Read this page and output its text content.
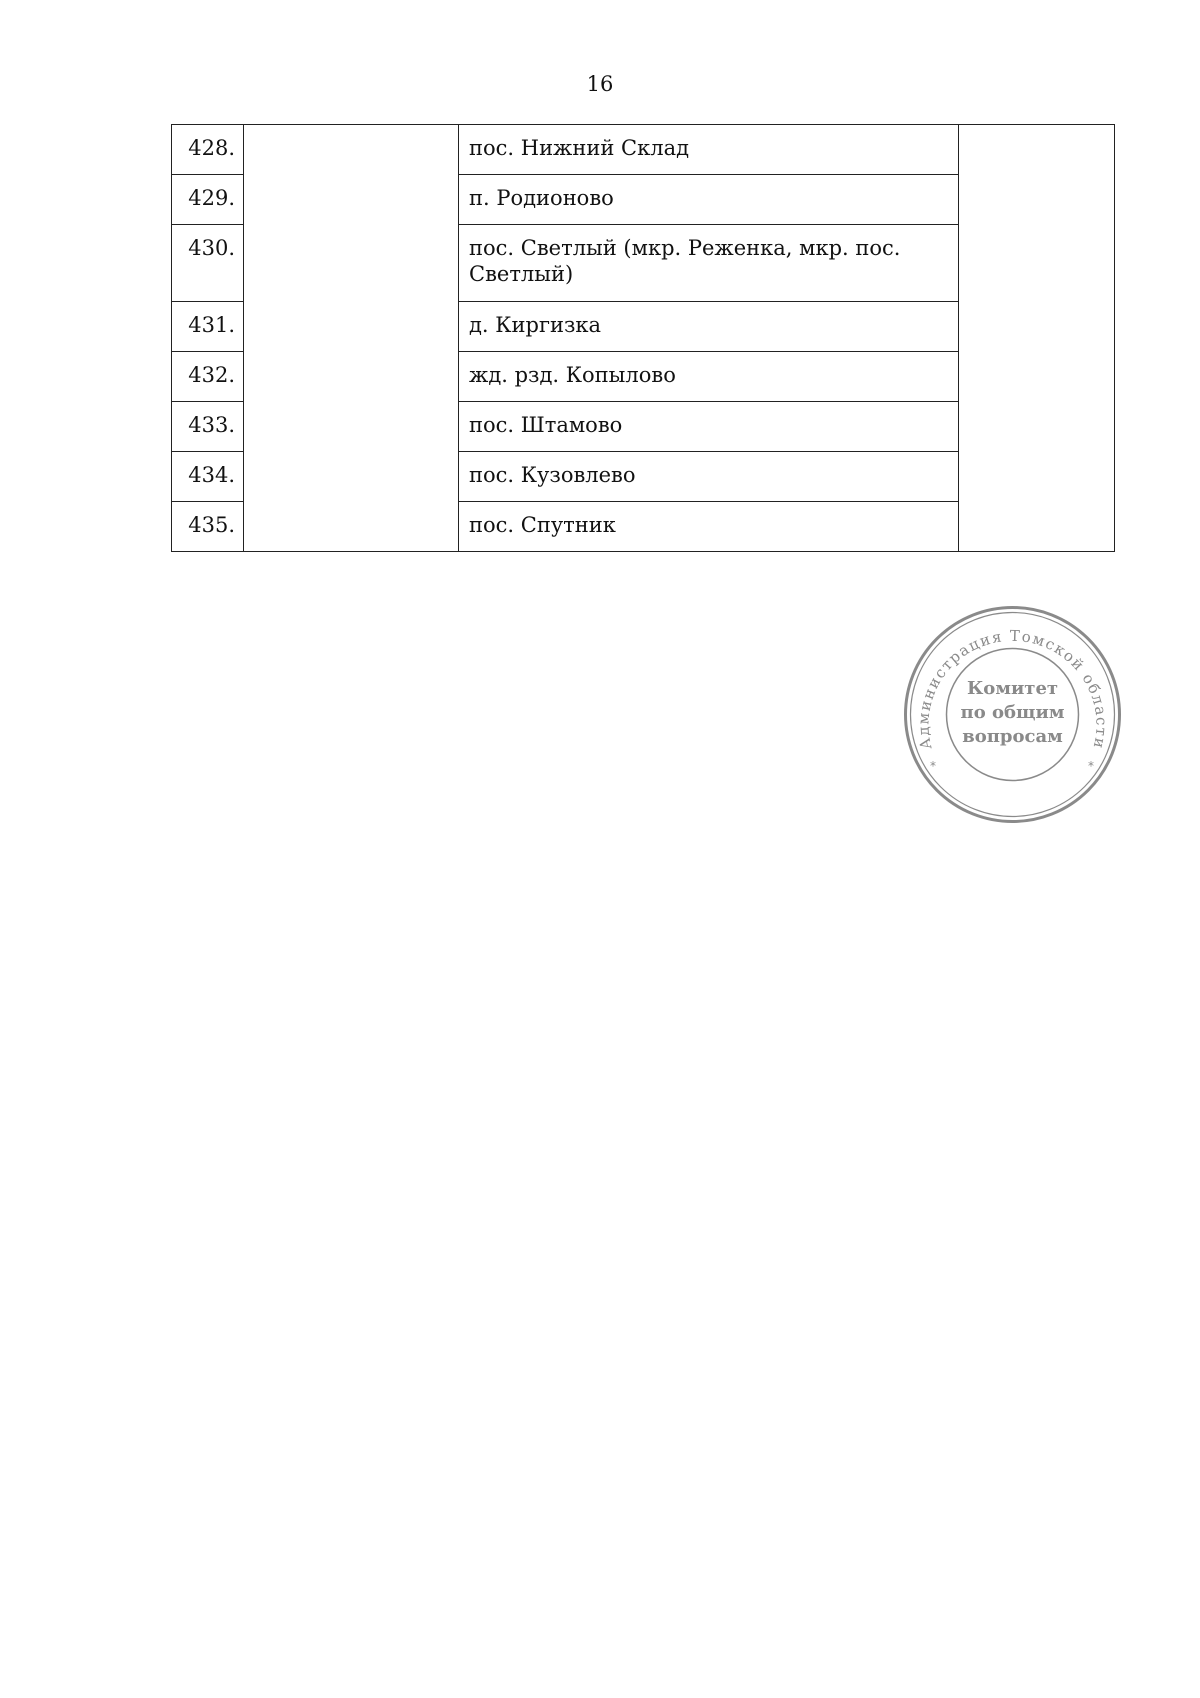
16
428.		пос. Нижний Склад	
429.		п. Родионово	
430.		пос. Светлый (мкр. Реженка, мкр. пос. Светлый)	
431.		д. Киргизка	
432.		жд. рзд. Копылово	
433.		пос. Штамово	
434.		пос. Кузовлево	
435.		пос. Спутник	
Администрация Томской области
*	*
Комитет
по общим
вопросам
